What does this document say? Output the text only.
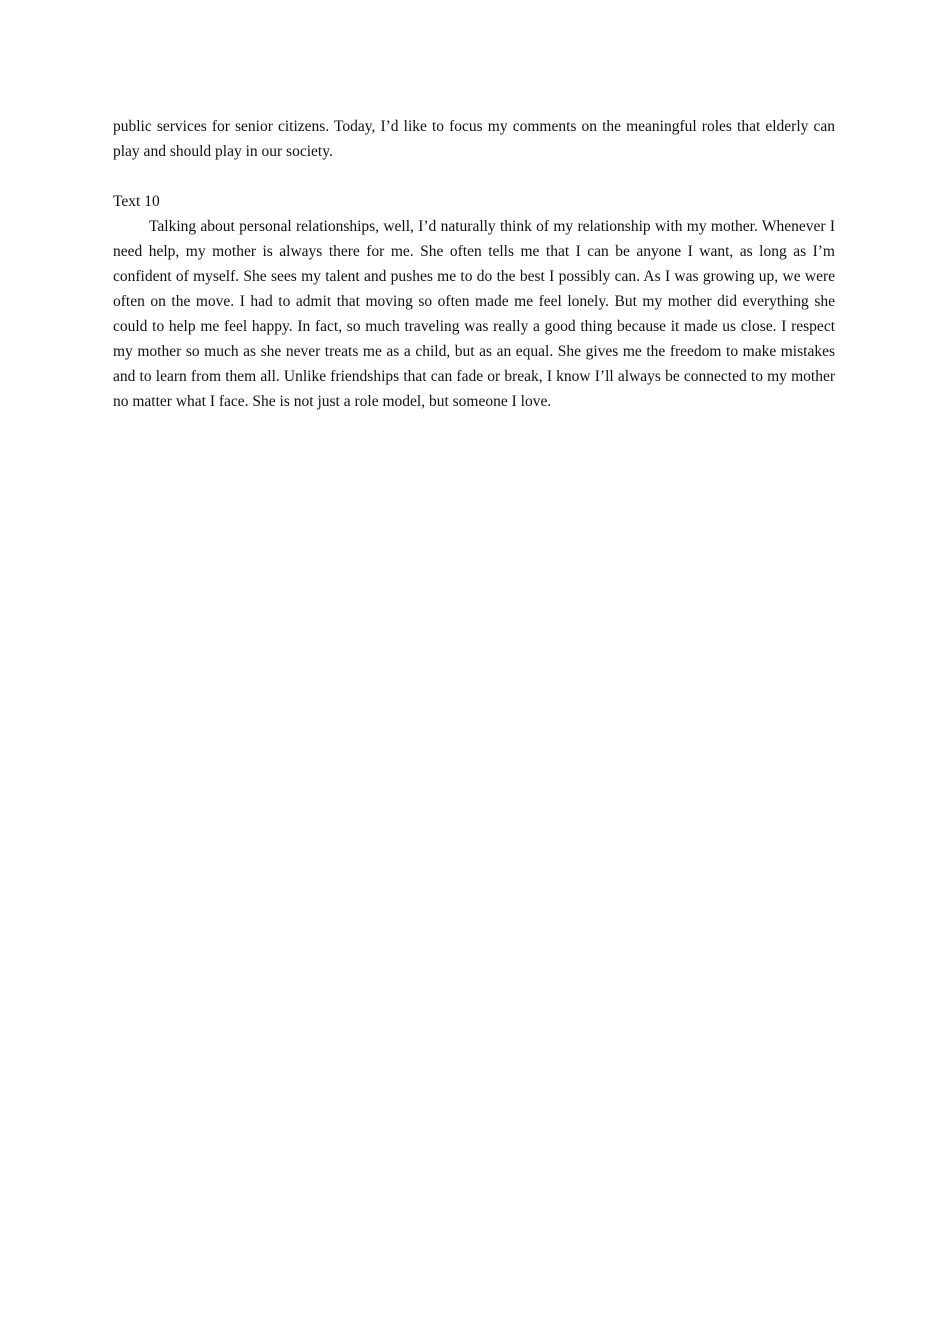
public services for senior citizens. Today, I’d like to focus my comments on the meaningful roles that elderly can play and should play in our society.

Text 10

Talking about personal relationships, well, I’d naturally think of my relationship with my mother. Whenever I need help, my mother is always there for me. She often tells me that I can be anyone I want, as long as I’m confident of myself. She sees my talent and pushes me to do the best I possibly can. As I was growing up, we were often on the move. I had to admit that moving so often made me feel lonely. But my mother did everything she could to help me feel happy. In fact, so much traveling was really a good thing because it made us close. I respect my mother so much as she never treats me as a child, but as an equal. She gives me the freedom to make mistakes and to learn from them all. Unlike friendships that can fade or break, I know I’ll always be connected to my mother no matter what I face. She is not just a role model, but someone I love.
